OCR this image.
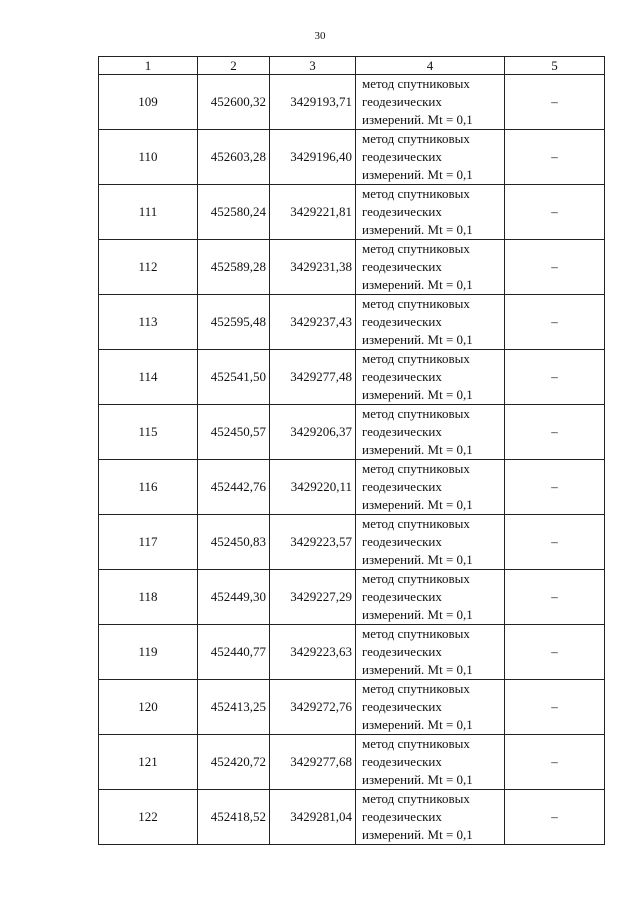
30
1	2	3	4	5
109	452600,32	3429193,71	метод спутниковых
геодезических
измерений. Mt = 0,1	–
110	452603,28	3429196,40	метод спутниковых
геодезических
измерений. Mt = 0,1	–
111	452580,24	3429221,81	метод спутниковых
геодезических
измерений. Mt = 0,1	–
112	452589,28	3429231,38	метод спутниковых
геодезических
измерений. Mt = 0,1	–
113	452595,48	3429237,43	метод спутниковых
геодезических
измерений. Mt = 0,1	–
114	452541,50	3429277,48	метод спутниковых
геодезических
измерений. Mt = 0,1	–
115	452450,57	3429206,37	метод спутниковых
геодезических
измерений. Mt = 0,1	–
116	452442,76	3429220,11	метод спутниковых
геодезических
измерений. Mt = 0,1	–
117	452450,83	3429223,57	метод спутниковых
геодезических
измерений. Mt = 0,1	–
118	452449,30	3429227,29	метод спутниковых
геодезических
измерений. Mt = 0,1	–
119	452440,77	3429223,63	метод спутниковых
геодезических
измерений. Mt = 0,1	–
120	452413,25	3429272,76	метод спутниковых
геодезических
измерений. Mt = 0,1	–
121	452420,72	3429277,68	метод спутниковых
геодезических
измерений. Mt = 0,1	–
122	452418,52	3429281,04	метод спутниковых
геодезических
измерений. Mt = 0,1	–
